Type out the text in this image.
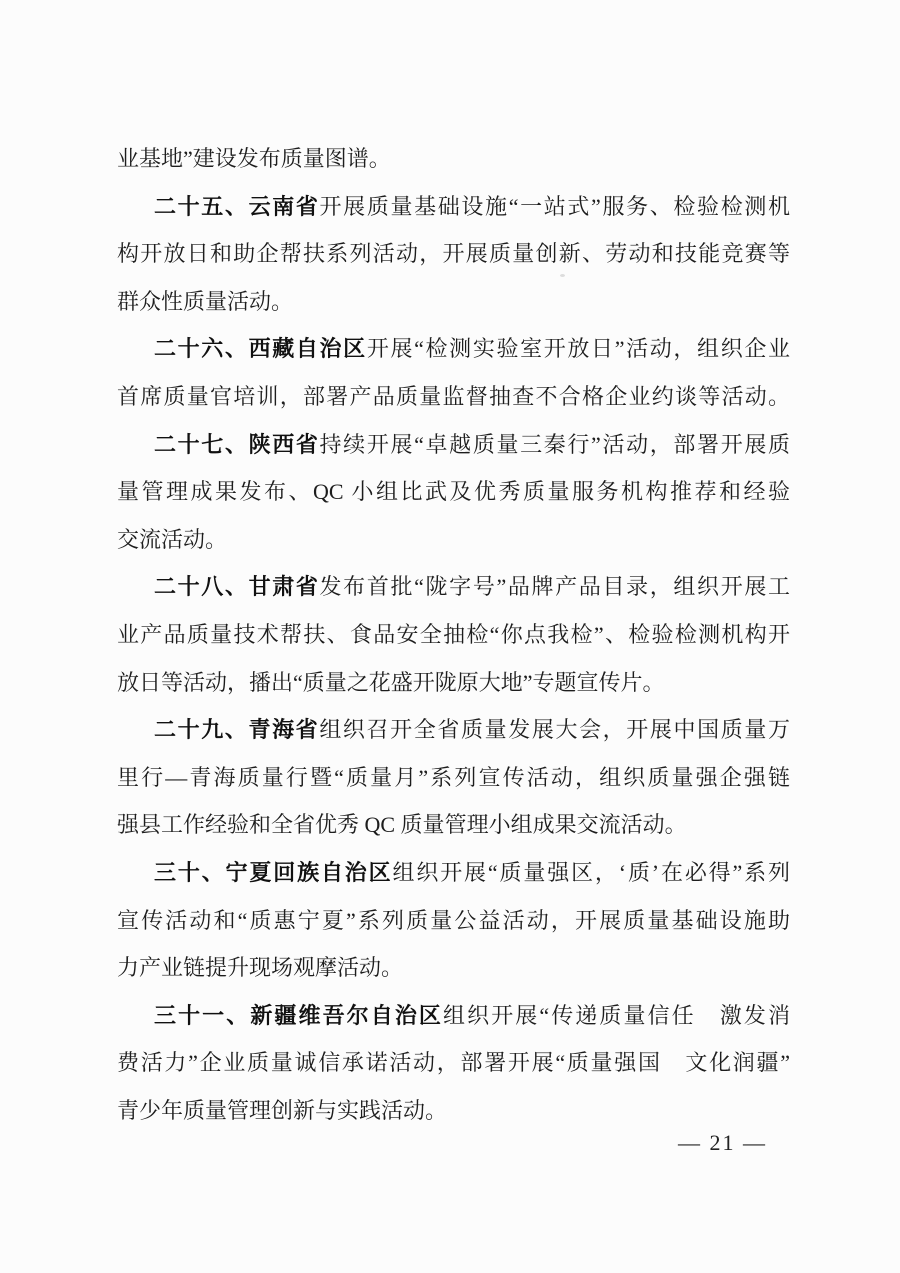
业基地”建设发布质量图谱。
二十五、云南省开展质量基础设施“一站式”服务、检验检测机
构开放日和助企帮扶系列活动，开展质量创新、劳动和技能竞赛等
群众性质量活动。
二十六、西藏自治区开展“检测实验室开放日”活动，组织企业
首席质量官培训，部署产品质量监督抽查不合格企业约谈等活动。
二十七、陕西省持续开展“卓越质量三秦行”活动，部署开展质
量管理成果发布、QC 小组比武及优秀质量服务机构推荐和经验
交流活动。
二十八、甘肃省发布首批“陇字号”品牌产品目录，组织开展工
业产品质量技术帮扶、食品安全抽检“你点我检”、检验检测机构开
放日等活动，播出“质量之花盛开陇原大地”专题宣传片。
二十九、青海省组织召开全省质量发展大会，开展中国质量万
里行—青海质量行暨“质量月”系列宣传活动，组织质量强企强链
强县工作经验和全省优秀 QC 质量管理小组成果交流活动。
三十、宁夏回族自治区组织开展“质量强区，‘质’在必得”系列
宣传活动和“质惠宁夏”系列质量公益活动，开展质量基础设施助
力产业链提升现场观摩活动。
三十一、新疆维吾尔自治区组织开展“传递质量信任　激发消
费活力”企业质量诚信承诺活动，部署开展“质量强国　文化润疆”
青少年质量管理创新与实践活动。
— 21 —
